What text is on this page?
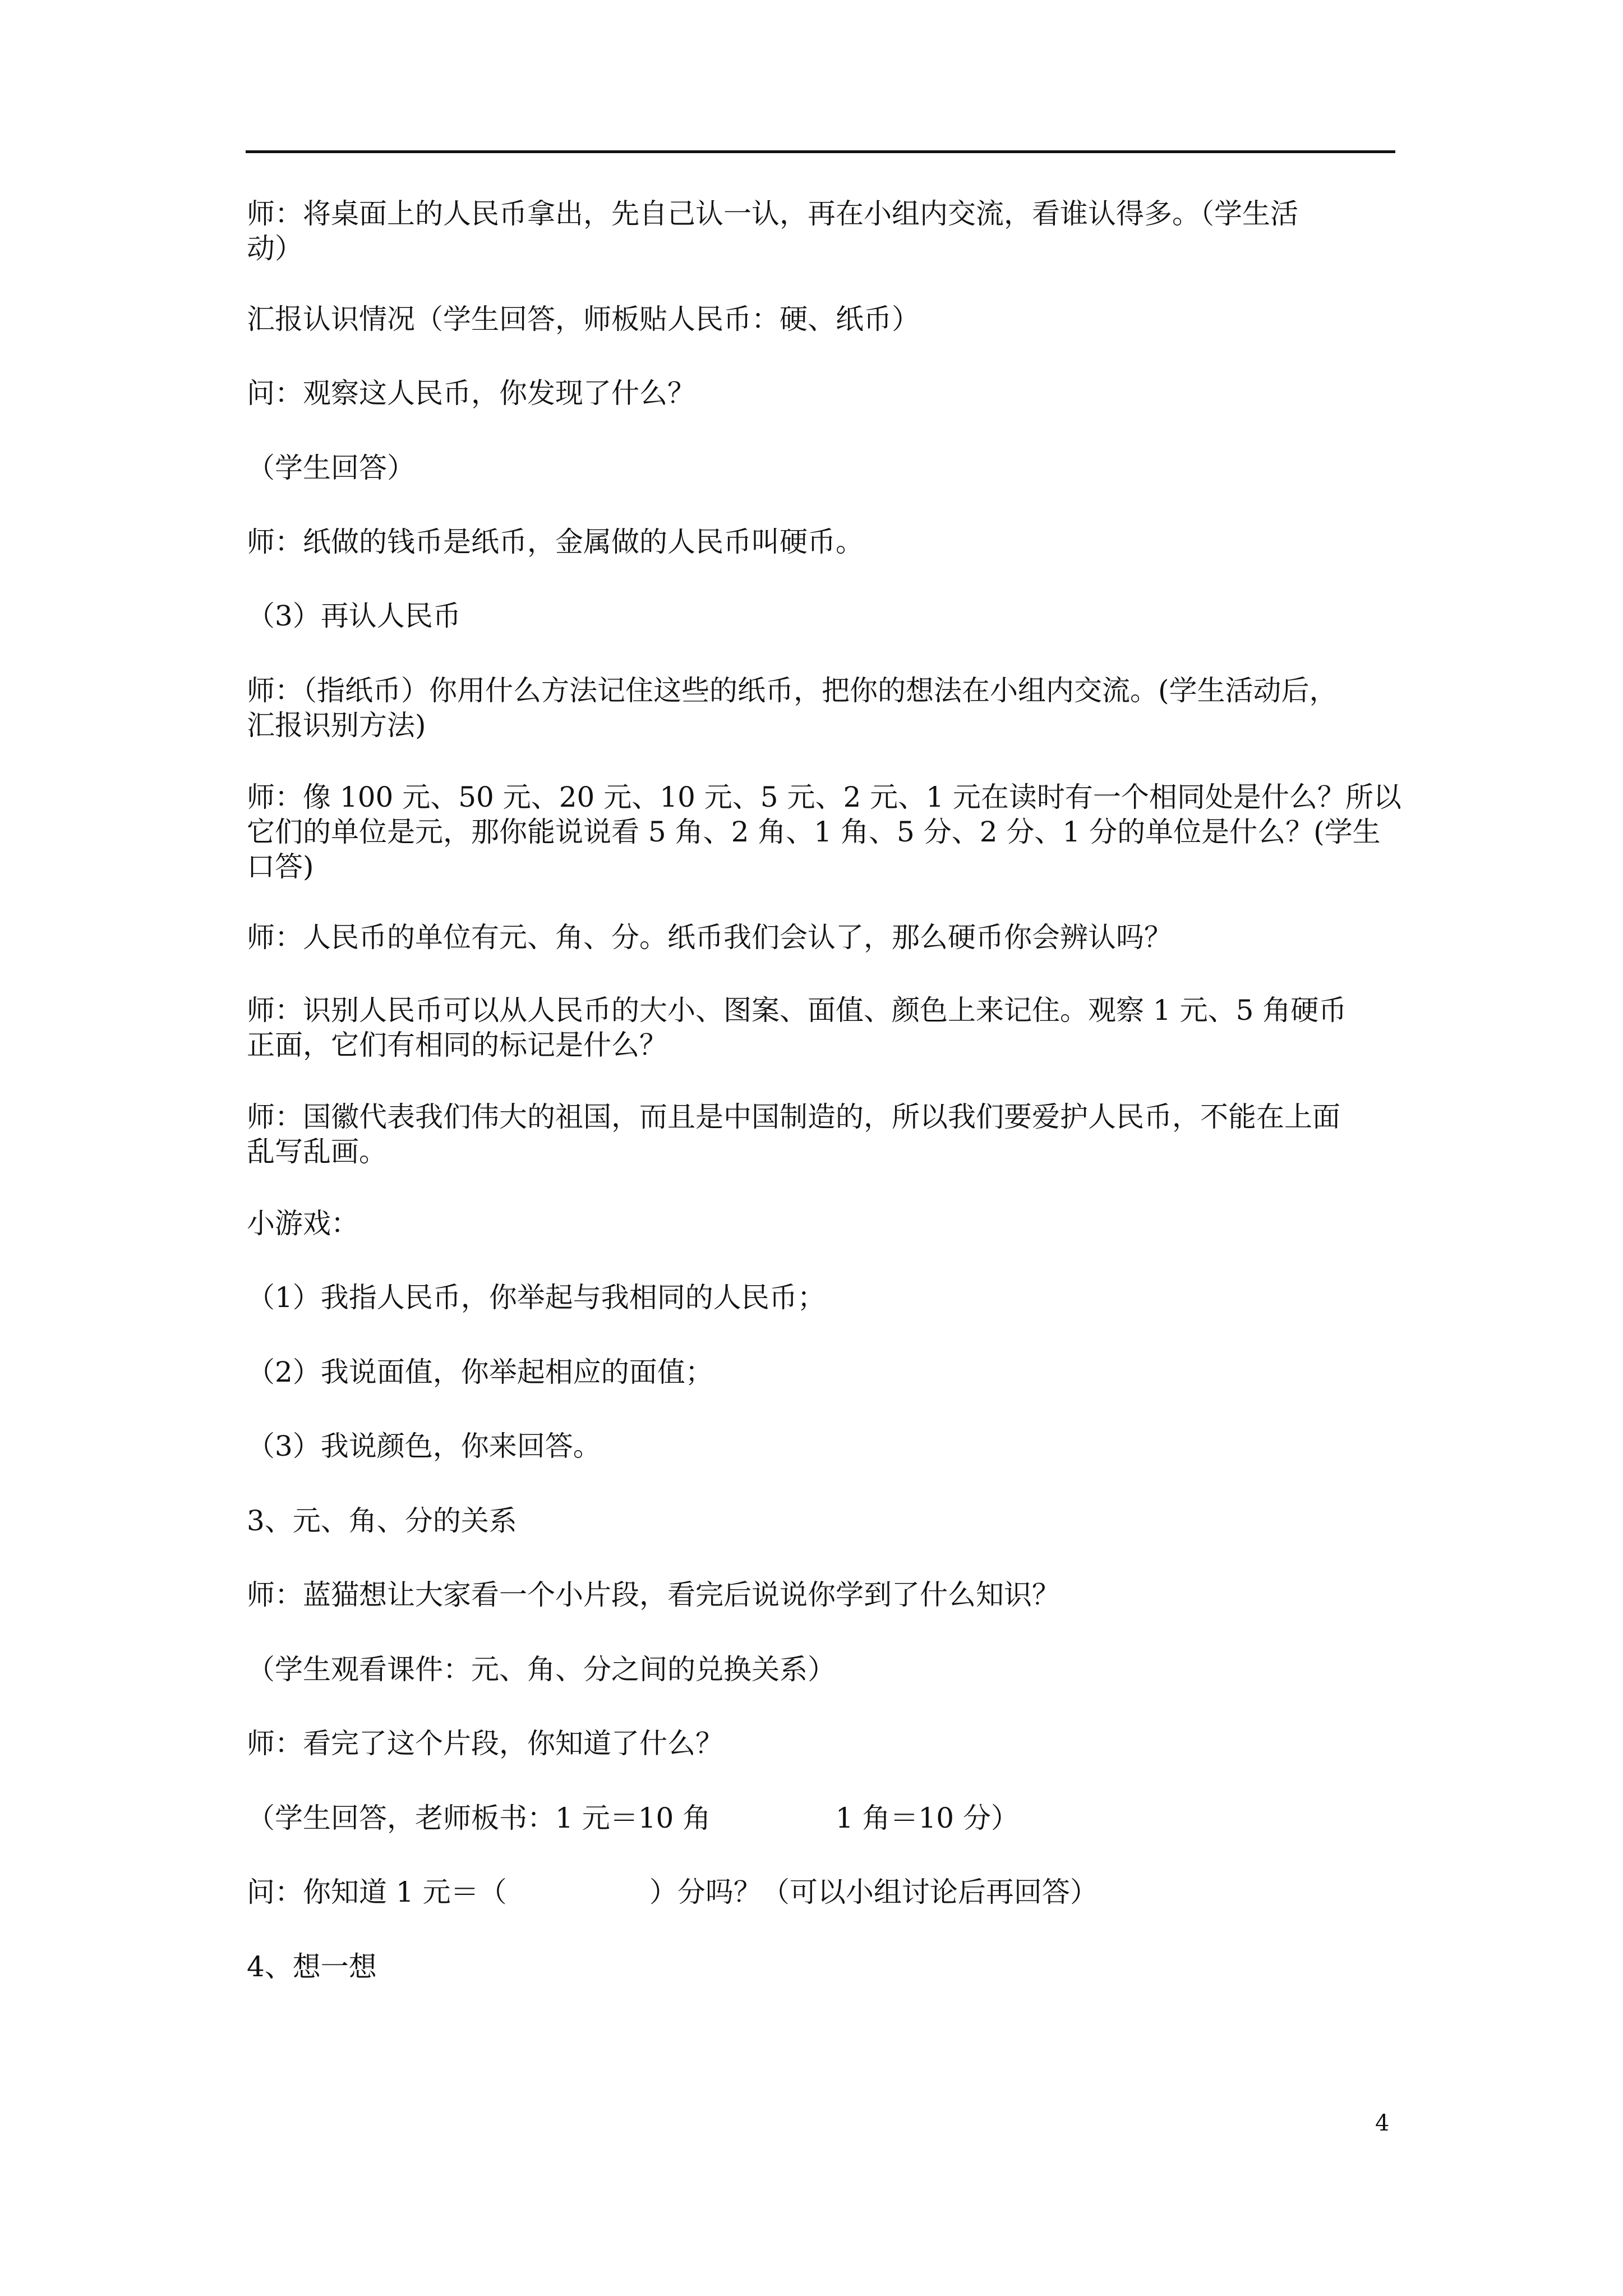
师：将桌面上的人民币拿出，先自己认一认，再在小组内交流，看谁认得多。（学生活
动）
汇报认识情况（学生回答，师板贴人民币：硬、纸币）
问：观察这人民币，你发现了什么？
（学生回答）
师：纸做的钱币是纸币，金属做的人民币叫硬币。
（3）再认人民币
师：（指纸币）你用什么方法记住这些的纸币，把你的想法在小组内交流。(学生活动后，
汇报识别方法)
师：像 100 元、50 元、20 元、10 元、5 元、2 元、1 元在读时有一个相同处是什么？所以
它们的单位是元，那你能说说看 5 角、2 角、1 角、5 分、2 分、1 分的单位是什么？(学生
口答)
师：人民币的单位有元、角、分。纸币我们会认了，那么硬币你会辨认吗？
师：识别人民币可以从人民币的大小、图案、面值、颜色上来记住。观察 1 元、5 角硬币
正面，它们有相同的标记是什么？
师：国徽代表我们伟大的祖国，而且是中国制造的，所以我们要爱护人民币，不能在上面
乱写乱画。
小游戏：
（1）我指人民币，你举起与我相同的人民币；
（2）我说面值，你举起相应的面值；
（3）我说颜色，你来回答。
3、元、角、分的关系
师：蓝猫想让大家看一个小片段，看完后说说你学到了什么知识？
（学生观看课件：元、角、分之间的兑换关系）
师：看完了这个片段，你知道了什么？
（学生回答，老师板书：1 元＝10 角              1 角＝10 分）
问：你知道 1 元＝（                ）分吗？（可以小组讨论后再回答）
4、想一想
4
